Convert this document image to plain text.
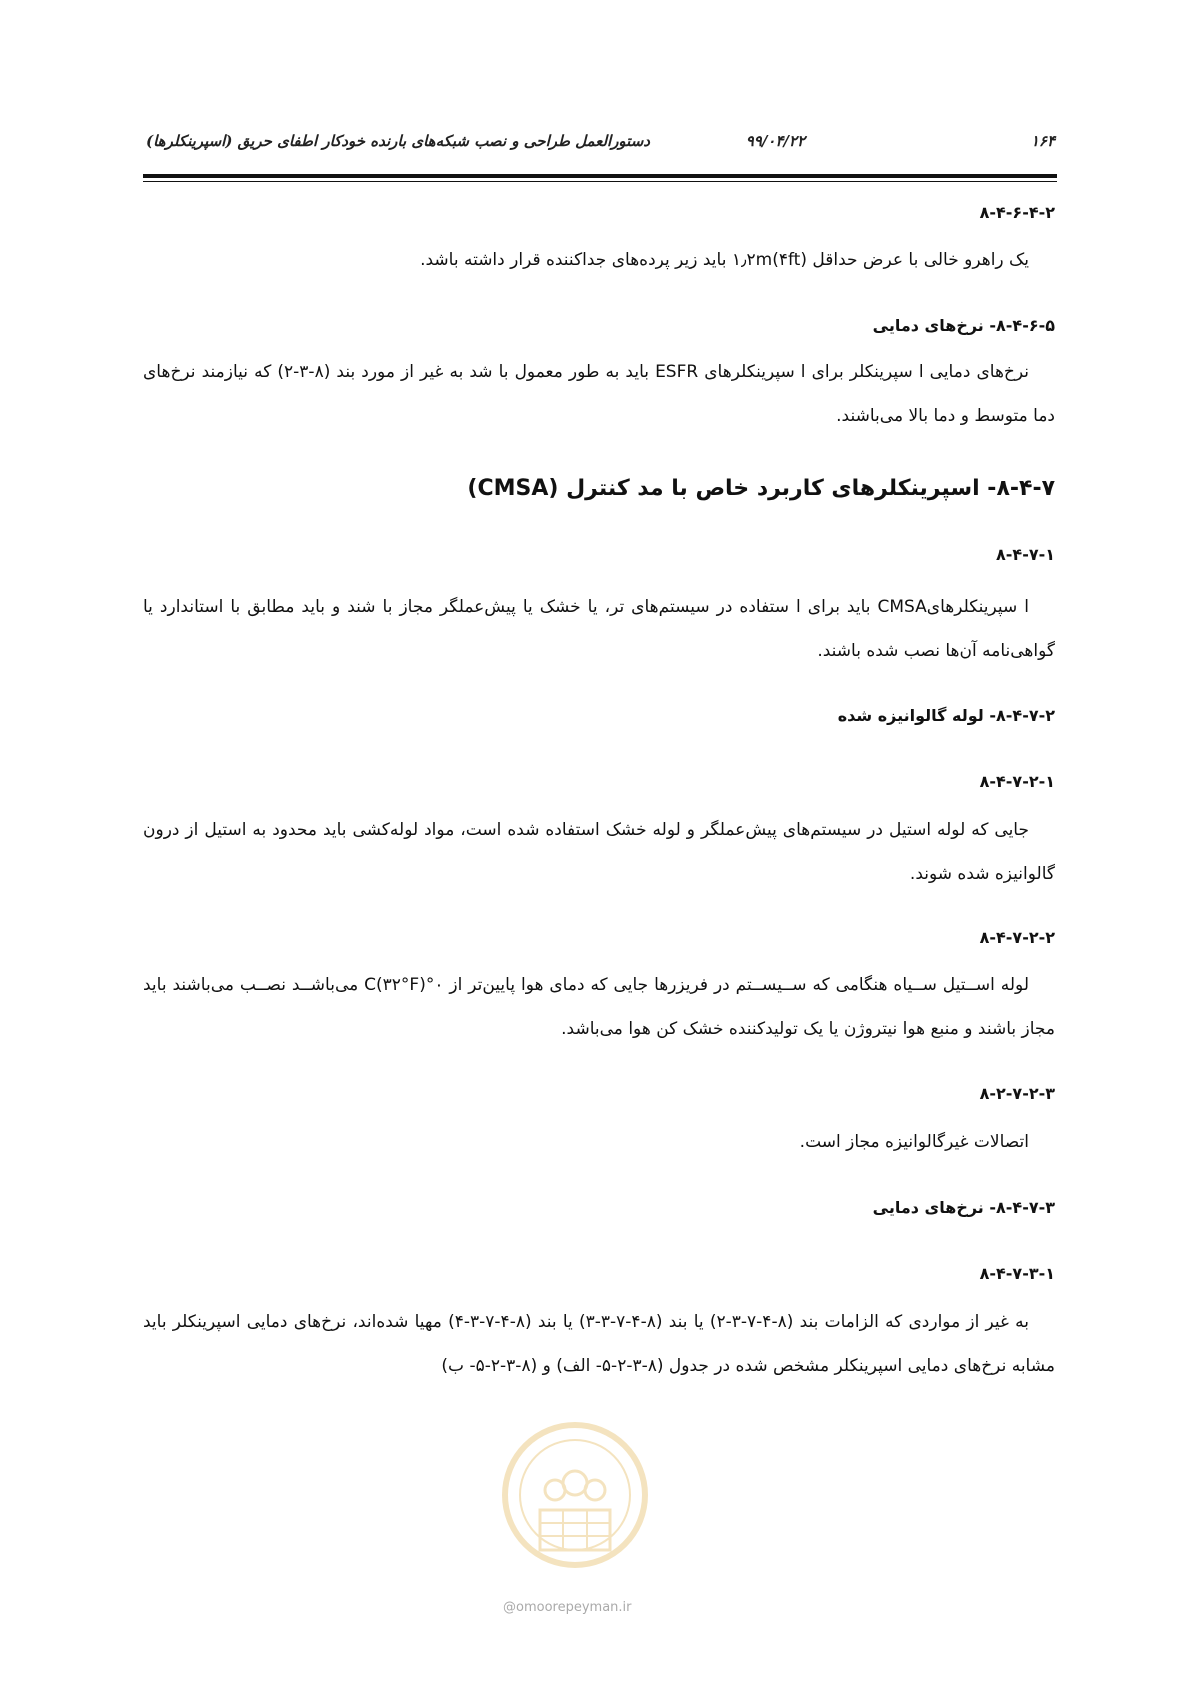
۱۶۴
۹۹/۰۴/۲۲
دستورالعمل طراحی و نصب شبکه‌های بارنده خودکار اطفای حریق (اسپرینکلرها)
۸-۴-۶-۴-۲
یک راهرو خالی با عرض حداقل ۱٫۲m(۴ft) باید زیر پرده‌های جداکننده قرار داشته باشد.
۸-۴-۶-۵- نرخ‌های دمایی
نرخ‌های دمایی ا سپرینکلر برای ا سپرینکلرهای ESFR باید به طور معمول با شد به غیر از مورد بند (۸-۳-۲) که نیازمند نرخ‌های دما متوسط و دما بالا می‌باشند.
۸-۴-۷- اسپرینکلرهای کاربرد خاص با مد کنترل (CMSA)
۸-۴-۷-۱
ا سپرینکلرهایCMSA باید برای ا ستفاده در سیستم‌های تر، یا خشک یا پیش‌عملگر مجاز با شند و باید مطابق با استاندارد یا گواهی‌نامه آن‌ها نصب شده باشند.
۸-۴-۷-۲- لوله گالوانیزه شده
۸-۴-۷-۲-۱
جایی که لوله استیل در سیستم‌های پیش‌عملگر و لوله خشک استفاده شده است، مواد لوله‌کشی باید محدود به استیل از درون گالوانیزه شده شوند.
۸-۴-۷-۲-۲
لوله اســتیل ســیاه هنگامی که ســیســتم در فریزرها جایی که دمای هوا پایین‌تر از ۰°C(۳۲°F) می‌باشــد نصــب می‌باشند باید مجاز باشند و منبع هوا نیتروژن یا یک تولیدکننده خشک کن هوا می‌باشد.
۸-۲-۷-۲-۳
اتصالات غیرگالوانیزه مجاز است.
۸-۴-۷-۳- نرخ‌های دمایی
۸-۴-۷-۳-۱
به غیر از مواردی که الزامات بند (۸-۴-۷-۳-۲) یا بند (۸-۴-۷-۳-۳) یا بند (۸-۴-۷-۳-۴) مهیا شده‌اند، نرخ‌های دمایی اسپرینکلر باید مشابه نرخ‌های دمایی اسپرینکلر مشخص شده در جدول (۸-۳-۲-۵- الف) و (۸-۳-۲-۵- ب)
@omoorepeyman.ir
